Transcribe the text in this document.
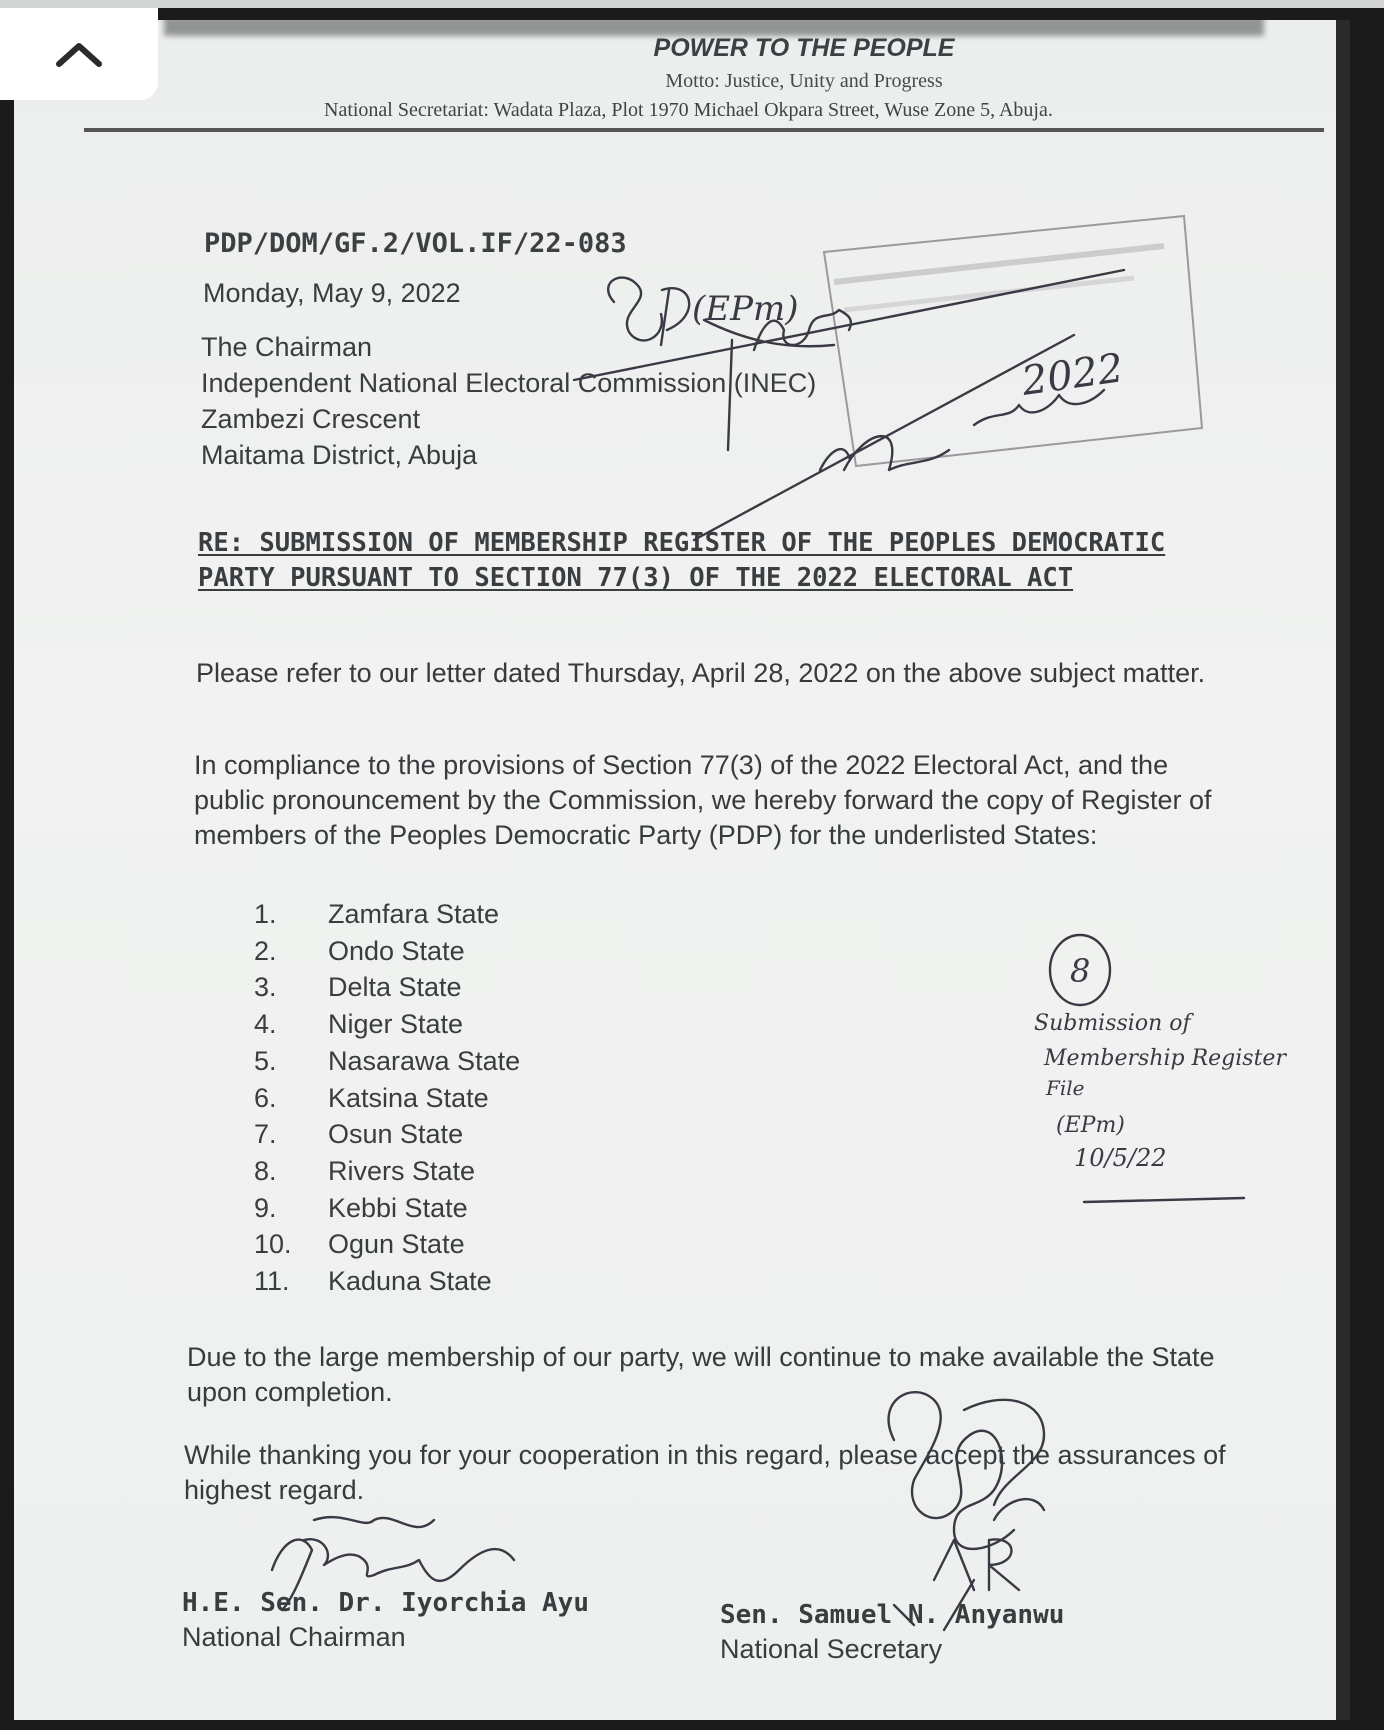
POWER TO THE PEOPLE
Motto: Justice, Unity and Progress
National Secretariat: Wadata Plaza, Plot 1970 Michael Okpara Street, Wuse Zone 5, Abuja.
PDP/DOM/GF.2/VOL.IF/22-083
Monday, May 9, 2022
The Chairman
Independent National Electoral Commission (INEC)
Zambezi Crescent
Maitama District, Abuja
RE: SUBMISSION OF MEMBERSHIP REGISTER OF THE PEOPLES DEMOCRATIC PARTY PURSUANT TO SECTION 77(3) OF THE 2022 ELECTORAL ACT
Please refer to our letter dated Thursday, April 28, 2022 on the above subject matter.
In compliance to the provisions of Section 77(3) of the 2022 Electoral Act, and the public pronouncement by the Commission, we hereby forward the copy of Register of members of the Peoples Democratic Party (PDP) for the underlisted States:
1.	Zamfara State
2.	Ondo State
3.	Delta State
4.	Niger State
5.	Nasarawa State
6.	Katsina State
7.	Osun State
8.	Rivers State
9.	Kebbi State
10.	Ogun State
11.	Kaduna State
Due to the large membership of our party, we will continue to make available the State upon completion.
While thanking you for your cooperation in this regard, please accept the assurances of highest regard.
H.E. Sen. Dr. Iyorchia Ayu
National Chairman
Sen. Samuel N. Anyanwu
National Secretary
(EPm)
2022
8
Submission of
Membership Register
File
(EPm)
10/5/22
